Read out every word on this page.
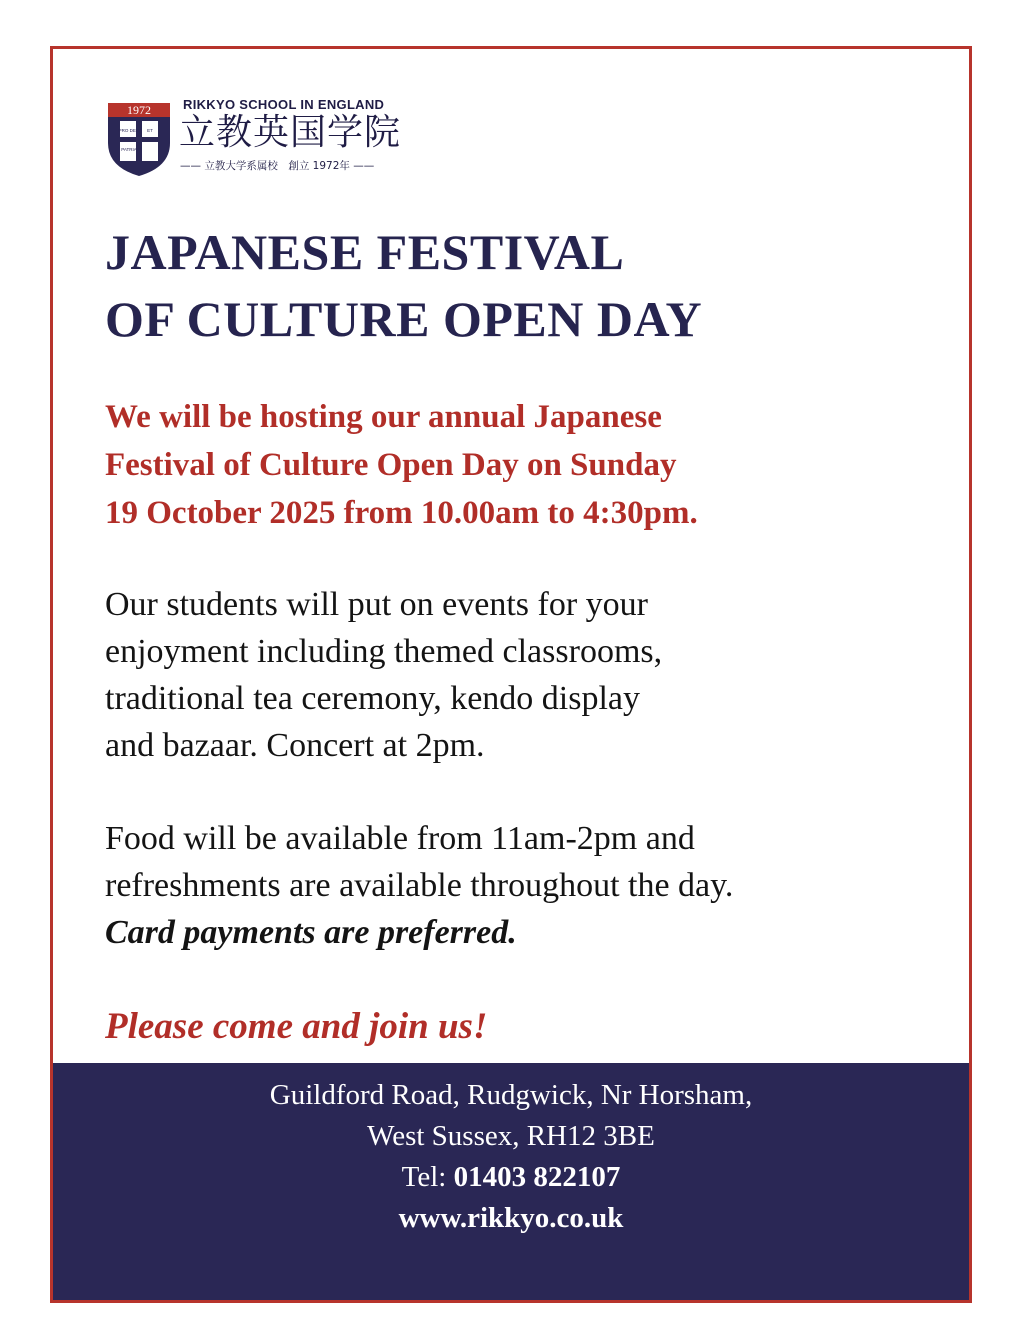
1972
PRO DEO ET
PATRIA
RIKKYO SCHOOL IN ENGLAND
立教英国学院
—— 立教大学系属校　創立 1972年 ——
JAPANESE FESTIVAL
OF CULTURE OPEN DAY

We will be hosting our annual Japanese
Festival of Culture Open Day on Sunday
19 October 2025 from 10.00am to 4:30pm.

Our students will put on events for your
enjoyment including themed classrooms,
traditional tea ceremony, kendo display
and bazaar. Concert at 2pm.

Food will be available from 11am-2pm and
refreshments are available throughout the day.
Card payments are preferred.

Please come and join us!

Guildford Road, Rudgwick, Nr Horsham,
West Sussex, RH12 3BE
Tel: 01403 822107
www.rikkyo.co.uk
